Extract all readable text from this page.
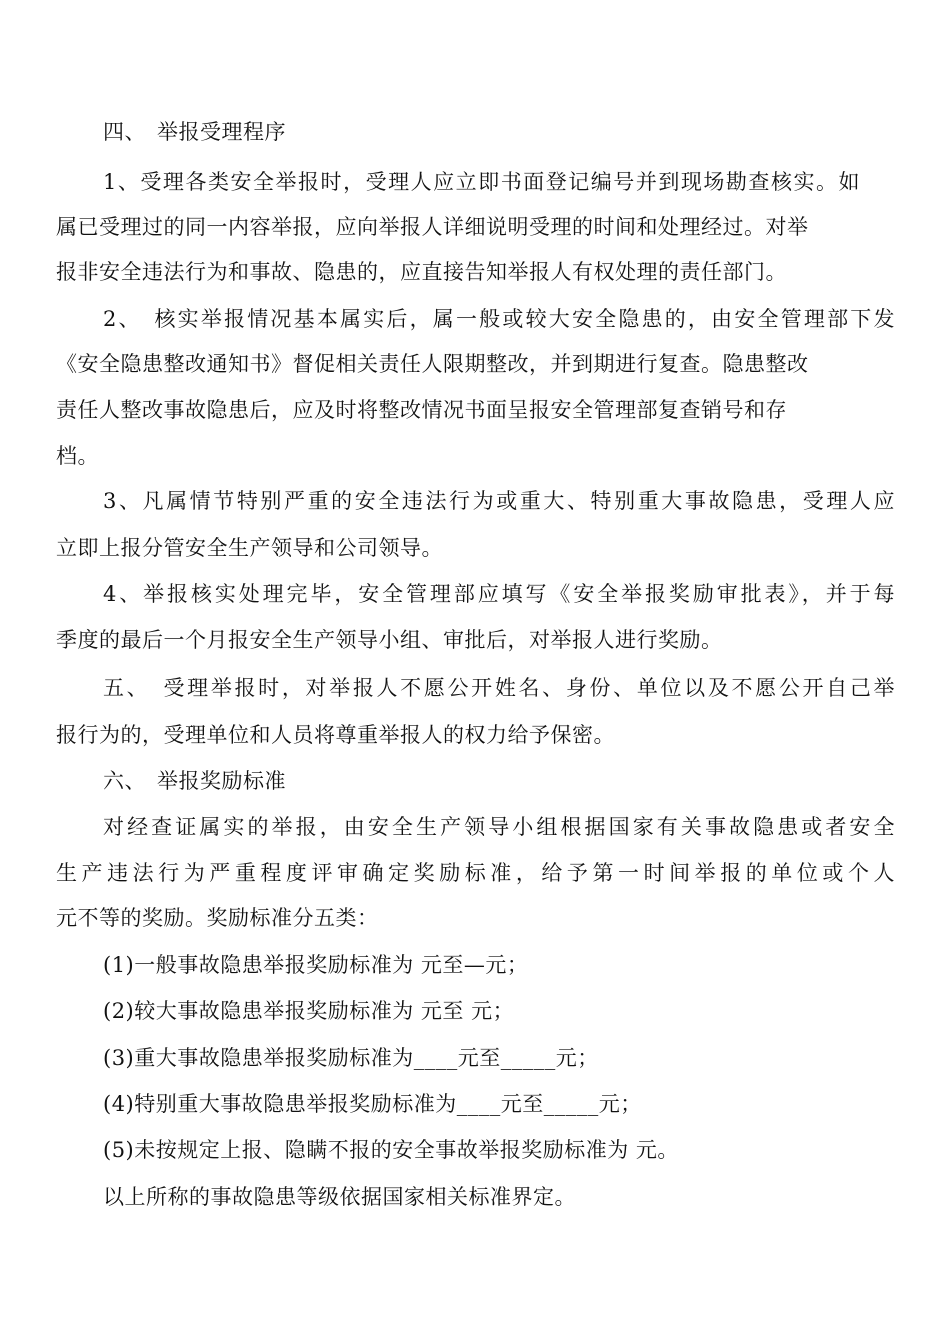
四、　举报受理程序
1、受理各类安全举报时，受理人应立即书面登记编号并到现场勘查核实。如
属已受理过的同一内容举报，应向举报人详细说明受理的时间和处理经过。对举
报非安全违法行为和事故、隐患的，应直接告知举报人有权处理的责任部门。
2、　核实举报情况基本属实后，属一般或较大安全隐患的，由安全管理部下发
《安全隐患整改通知书》督促相关责任人限期整改，并到期进行复查。隐患整改
责任人整改事故隐患后，应及时将整改情况书面呈报安全管理部复查销号和存
档。
3、凡属情节特别严重的安全违法行为或重大、特别重大事故隐患，受理人应
立即上报分管安全生产领导和公司领导。
4、举报核实处理完毕，安全管理部应填写《安全举报奖励审批表》，并于每
季度的最后一个月报安全生产领导小组、审批后，对举报人进行奖励。
五、　受理举报时，对举报人不愿公开姓名、身份、单位以及不愿公开自己举
报行为的，受理单位和人员将尊重举报人的权力给予保密。
六、　举报奖励标准
对经查证属实的举报，由安全生产领导小组根据国家有关事故隐患或者安全
生产违法行为严重程度评审确定奖励标准，给予第一时间举报的单位或个人
元不等的奖励。奖励标准分五类：
(1)一般事故隐患举报奖励标准为 元至—元；
(2)较大事故隐患举报奖励标准为 元至 元；
(3)重大事故隐患举报奖励标准为____元至_____元；
(4)特别重大事故隐患举报奖励标准为____元至_____元；
(5)未按规定上报、隐瞒不报的安全事故举报奖励标准为 元。
以上所称的事故隐患等级依据国家相关标准界定。
